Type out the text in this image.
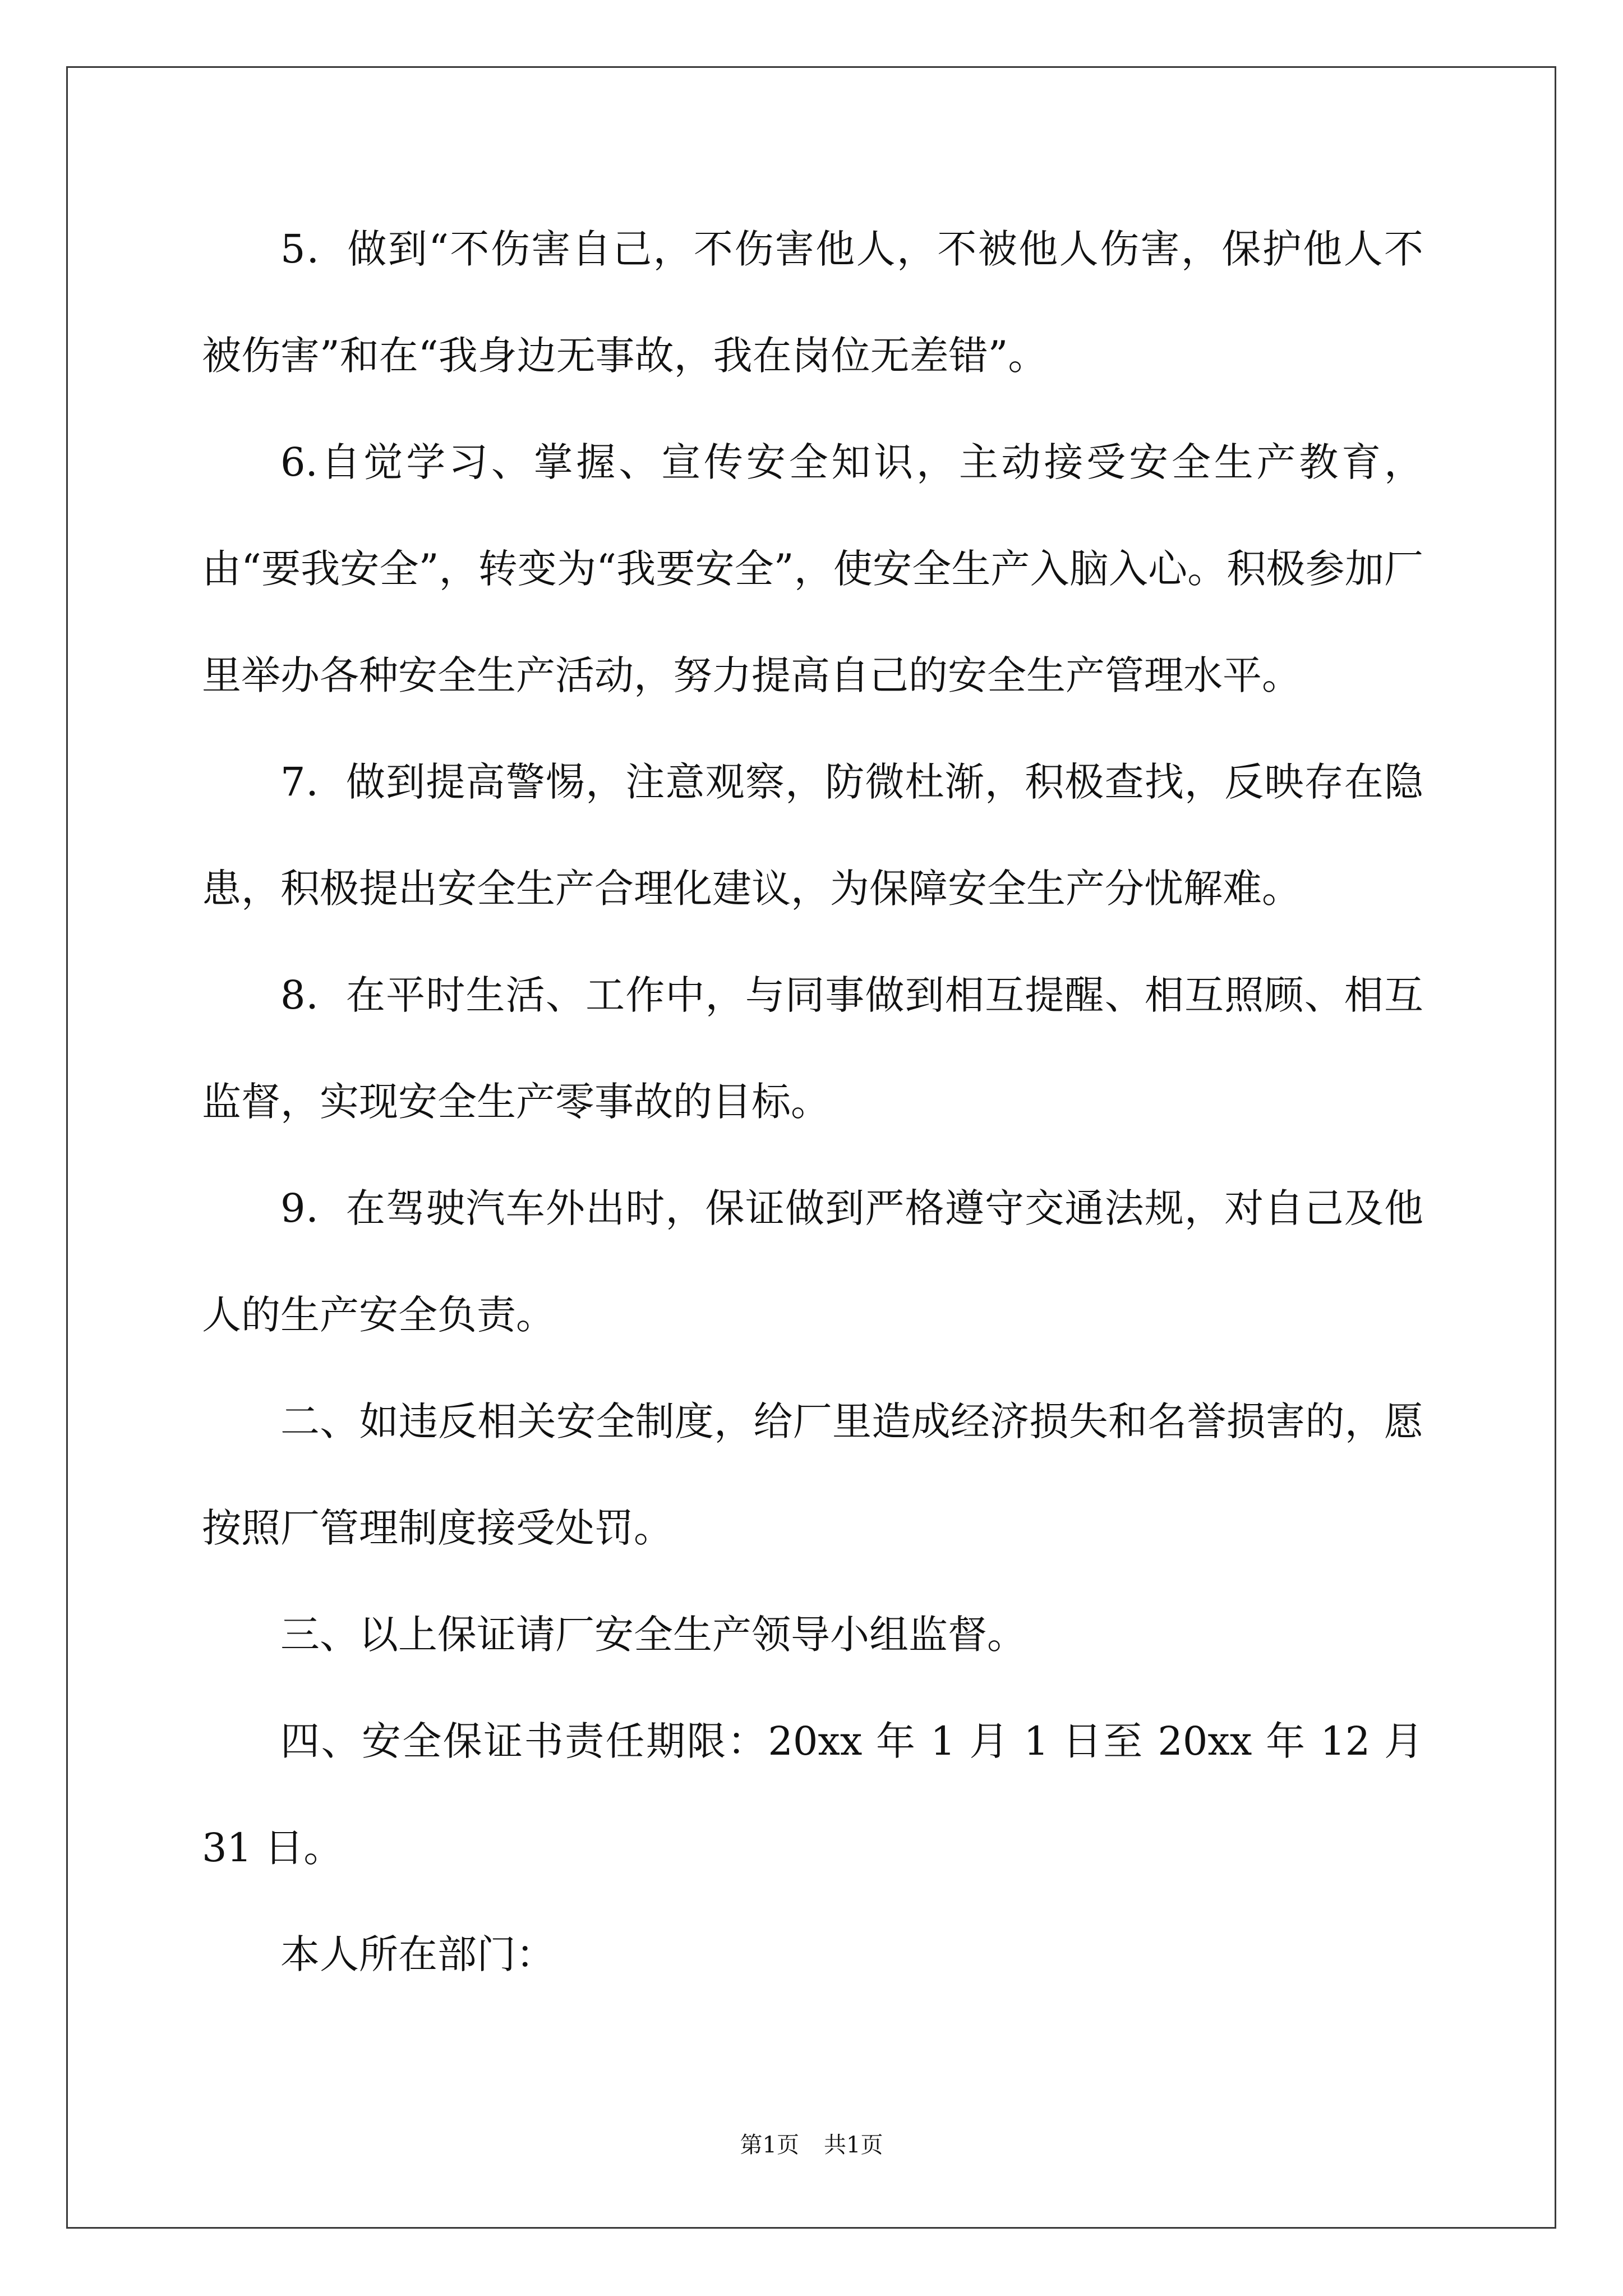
5．做到“不伤害自己，不伤害他人，不被他人伤害，保护他人不被伤害”和在“我身边无事故，我在岗位无差错”。

6.自觉学习、掌握、宣传安全知识，主动接受安全生产教育，由“要我安全”，转变为“我要安全”，使安全生产入脑入心。积极参加厂里举办各种安全生产活动，努力提高自己的安全生产管理水平。

7．做到提高警惕，注意观察，防微杜渐，积极查找，反映存在隐患，积极提出安全生产合理化建议，为保障安全生产分忧解难。

8．在平时生活、工作中，与同事做到相互提醒、相互照顾、相互监督，实现安全生产零事故的目标。

9．在驾驶汽车外出时，保证做到严格遵守交通法规，对自己及他人的生产安全负责。

二、如违反相关安全制度，给厂里造成经济损失和名誉损害的，愿按照厂管理制度接受处罚。

三、以上保证请厂安全生产领导小组监督。

四、安全保证书责任期限：20xx 年 1 月 1 日至 20xx 年 12 月 31 日。

本人所在部门：

第1页 共1页
